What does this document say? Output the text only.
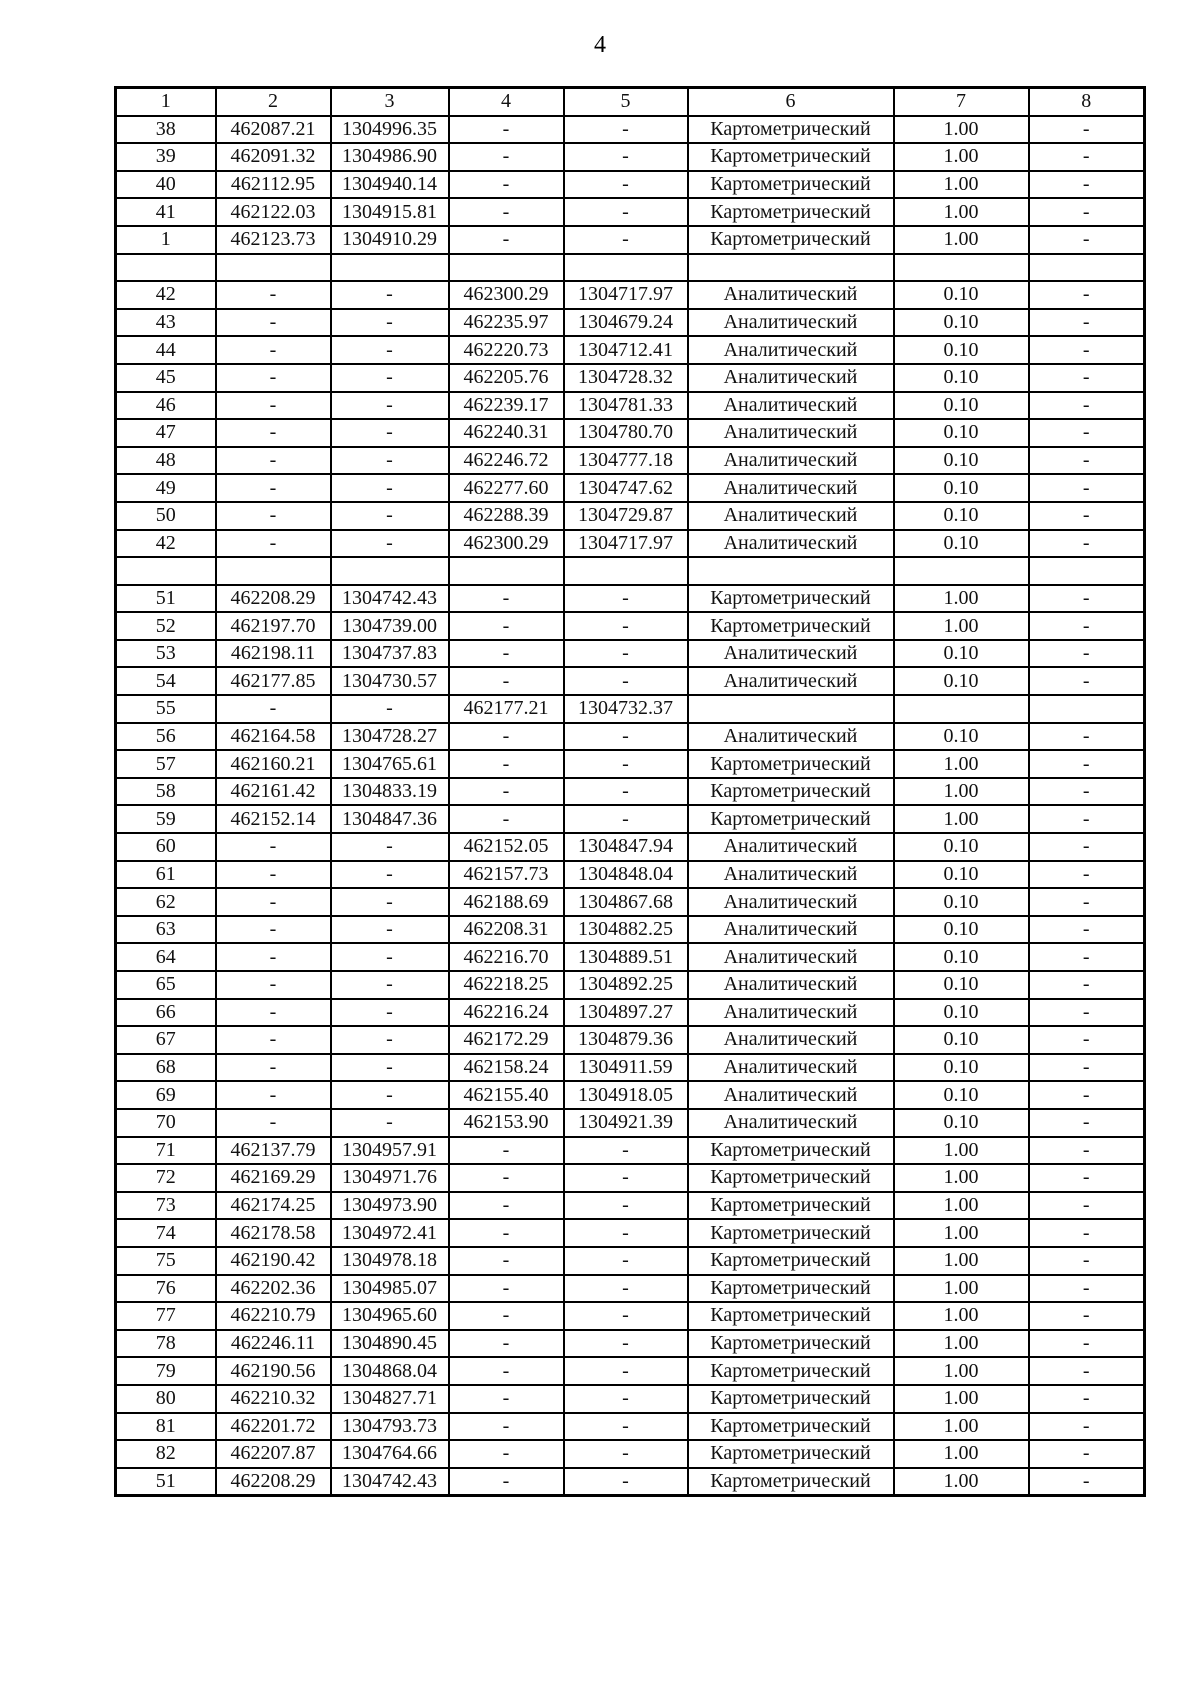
4
1	2	3	4	5	6	7	8
38	462087.21	1304996.35	-	-	Картометрический	1.00	-
39	462091.32	1304986.90	-	-	Картометрический	1.00	-
40	462112.95	1304940.14	-	-	Картометрический	1.00	-
41	462122.03	1304915.81	-	-	Картометрический	1.00	-
1	462123.73	1304910.29	-	-	Картометрический	1.00	-

42	-	-	462300.29	1304717.97	Аналитический	0.10	-
43	-	-	462235.97	1304679.24	Аналитический	0.10	-
44	-	-	462220.73	1304712.41	Аналитический	0.10	-
45	-	-	462205.76	1304728.32	Аналитический	0.10	-
46	-	-	462239.17	1304781.33	Аналитический	0.10	-
47	-	-	462240.31	1304780.70	Аналитический	0.10	-
48	-	-	462246.72	1304777.18	Аналитический	0.10	-
49	-	-	462277.60	1304747.62	Аналитический	0.10	-
50	-	-	462288.39	1304729.87	Аналитический	0.10	-
42	-	-	462300.29	1304717.97	Аналитический	0.10	-

51	462208.29	1304742.43	-	-	Картометрический	1.00	-
52	462197.70	1304739.00	-	-	Картометрический	1.00	-
53	462198.11	1304737.83	-	-	Аналитический	0.10	-
54	462177.85	1304730.57	-	-	Аналитический	0.10	-
55	-	-	462177.21	1304732.37			
56	462164.58	1304728.27	-	-	Аналитический	0.10	-
57	462160.21	1304765.61	-	-	Картометрический	1.00	-
58	462161.42	1304833.19	-	-	Картометрический	1.00	-
59	462152.14	1304847.36	-	-	Картометрический	1.00	-
60	-	-	462152.05	1304847.94	Аналитический	0.10	-
61	-	-	462157.73	1304848.04	Аналитический	0.10	-
62	-	-	462188.69	1304867.68	Аналитический	0.10	-
63	-	-	462208.31	1304882.25	Аналитический	0.10	-
64	-	-	462216.70	1304889.51	Аналитический	0.10	-
65	-	-	462218.25	1304892.25	Аналитический	0.10	-
66	-	-	462216.24	1304897.27	Аналитический	0.10	-
67	-	-	462172.29	1304879.36	Аналитический	0.10	-
68	-	-	462158.24	1304911.59	Аналитический	0.10	-
69	-	-	462155.40	1304918.05	Аналитический	0.10	-
70	-	-	462153.90	1304921.39	Аналитический	0.10	-
71	462137.79	1304957.91	-	-	Картометрический	1.00	-
72	462169.29	1304971.76	-	-	Картометрический	1.00	-
73	462174.25	1304973.90	-	-	Картометрический	1.00	-
74	462178.58	1304972.41	-	-	Картометрический	1.00	-
75	462190.42	1304978.18	-	-	Картометрический	1.00	-
76	462202.36	1304985.07	-	-	Картометрический	1.00	-
77	462210.79	1304965.60	-	-	Картометрический	1.00	-
78	462246.11	1304890.45	-	-	Картометрический	1.00	-
79	462190.56	1304868.04	-	-	Картометрический	1.00	-
80	462210.32	1304827.71	-	-	Картометрический	1.00	-
81	462201.72	1304793.73	-	-	Картометрический	1.00	-
82	462207.87	1304764.66	-	-	Картометрический	1.00	-
51	462208.29	1304742.43	-	-	Картометрический	1.00	-
